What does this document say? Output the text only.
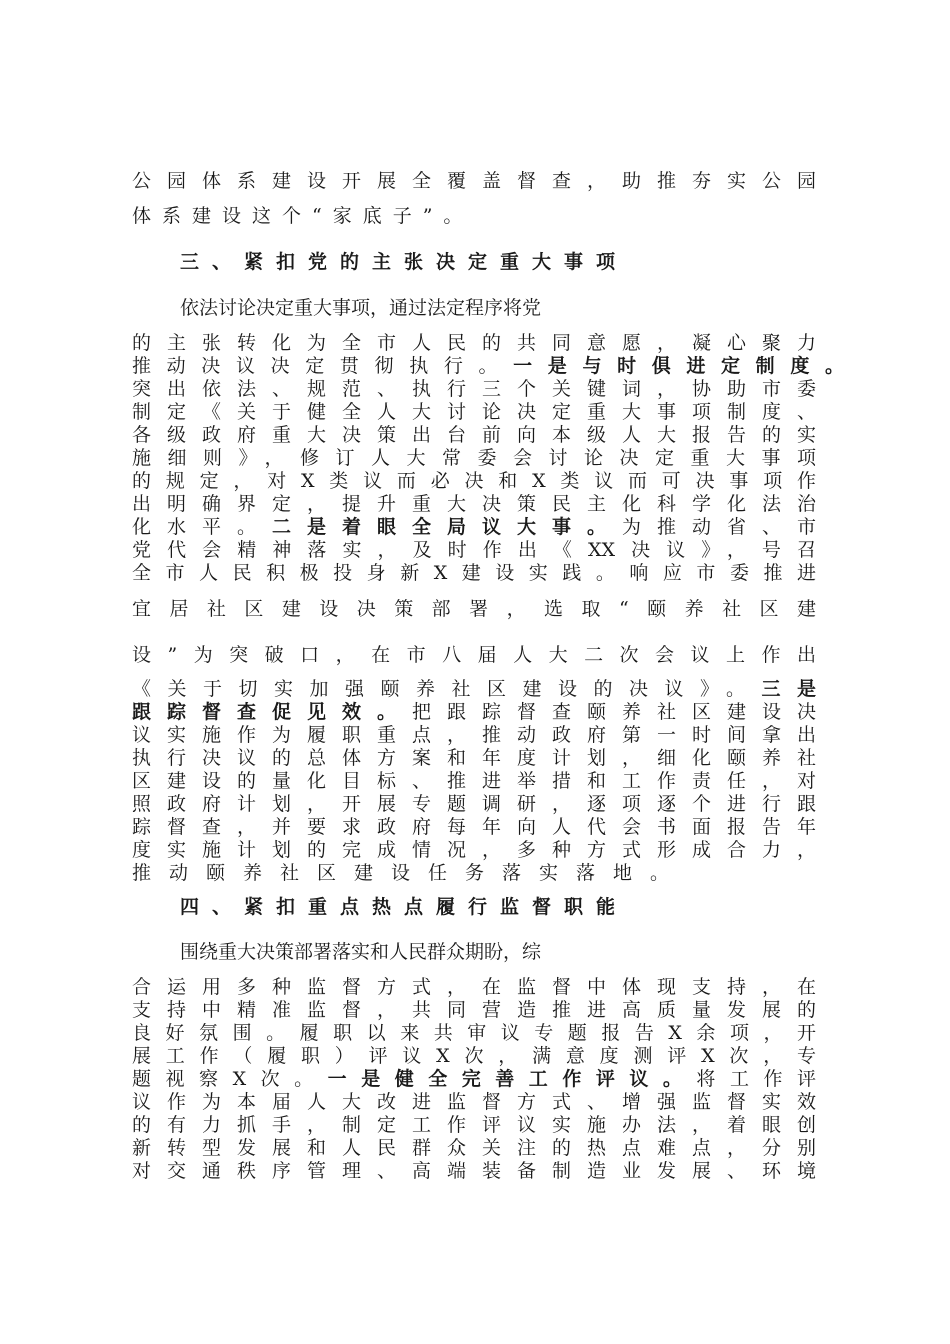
公园体系建设开展全覆盖督查，助推夯实公园
体系建设这个“家底子”。
三、紧扣党的主张决定重大事项
依法讨论决定重大事项，通过法定程序将党
的主张转化为全市人民的共同意愿，凝心聚力
推动决议决定贯彻执行。一是与时俱进定制度。
突出依法、规范、执行三个关键词，协助市委
制定《关于健全人大讨论决定重大事项制度、
各级政府重大决策出台前向本级人大报告的实
施细则》，修订人大常委会讨论决定重大事项
的规定，对X类议而必决和X类议而可决事项作
出明确界定，提升重大决策民主化科学化法治
化水平。二是着眼全局议大事。为推动省、市
党代会精神落实，及时作出《XX决议》，号召
全市人民积极投身新X建设实践。响应市委推进
宜居社区建设决策部署，选取“颐养社区建
设”为突破口，在市八届人大二次会议上作出
《关于切实加强颐养社区建设的决议》。三是
跟踪督查促见效。把跟踪督查颐养社区建设决
议实施作为履职重点，推动政府第一时间拿出
执行决议的总体方案和年度计划，细化颐养社
区建设的量化目标、推进举措和工作责任，对
照政府计划，开展专题调研，逐项逐个进行跟
踪督查，并要求政府每年向人代会书面报告年
度实施计划的完成情况，多种方式形成合力，
推动颐养社区建设任务落实落地。
四、紧扣重点热点履行监督职能
围绕重大决策部署落实和人民群众期盼，综
合运用多种监督方式，在监督中体现支持，在
支持中精准监督，共同营造推进高质量发展的
良好氛围。履职以来共审议专题报告X余项，开
展工作（履职）评议X次，满意度测评X次，专
题视察X次。一是健全完善工作评议。将工作评
议作为本届人大改进监督方式、增强监督实效
的有力抓手，制定工作评议实施办法，着眼创
新转型发展和人民群众关注的热点难点，分别
对交通秩序管理、高端装备制造业发展、环境
